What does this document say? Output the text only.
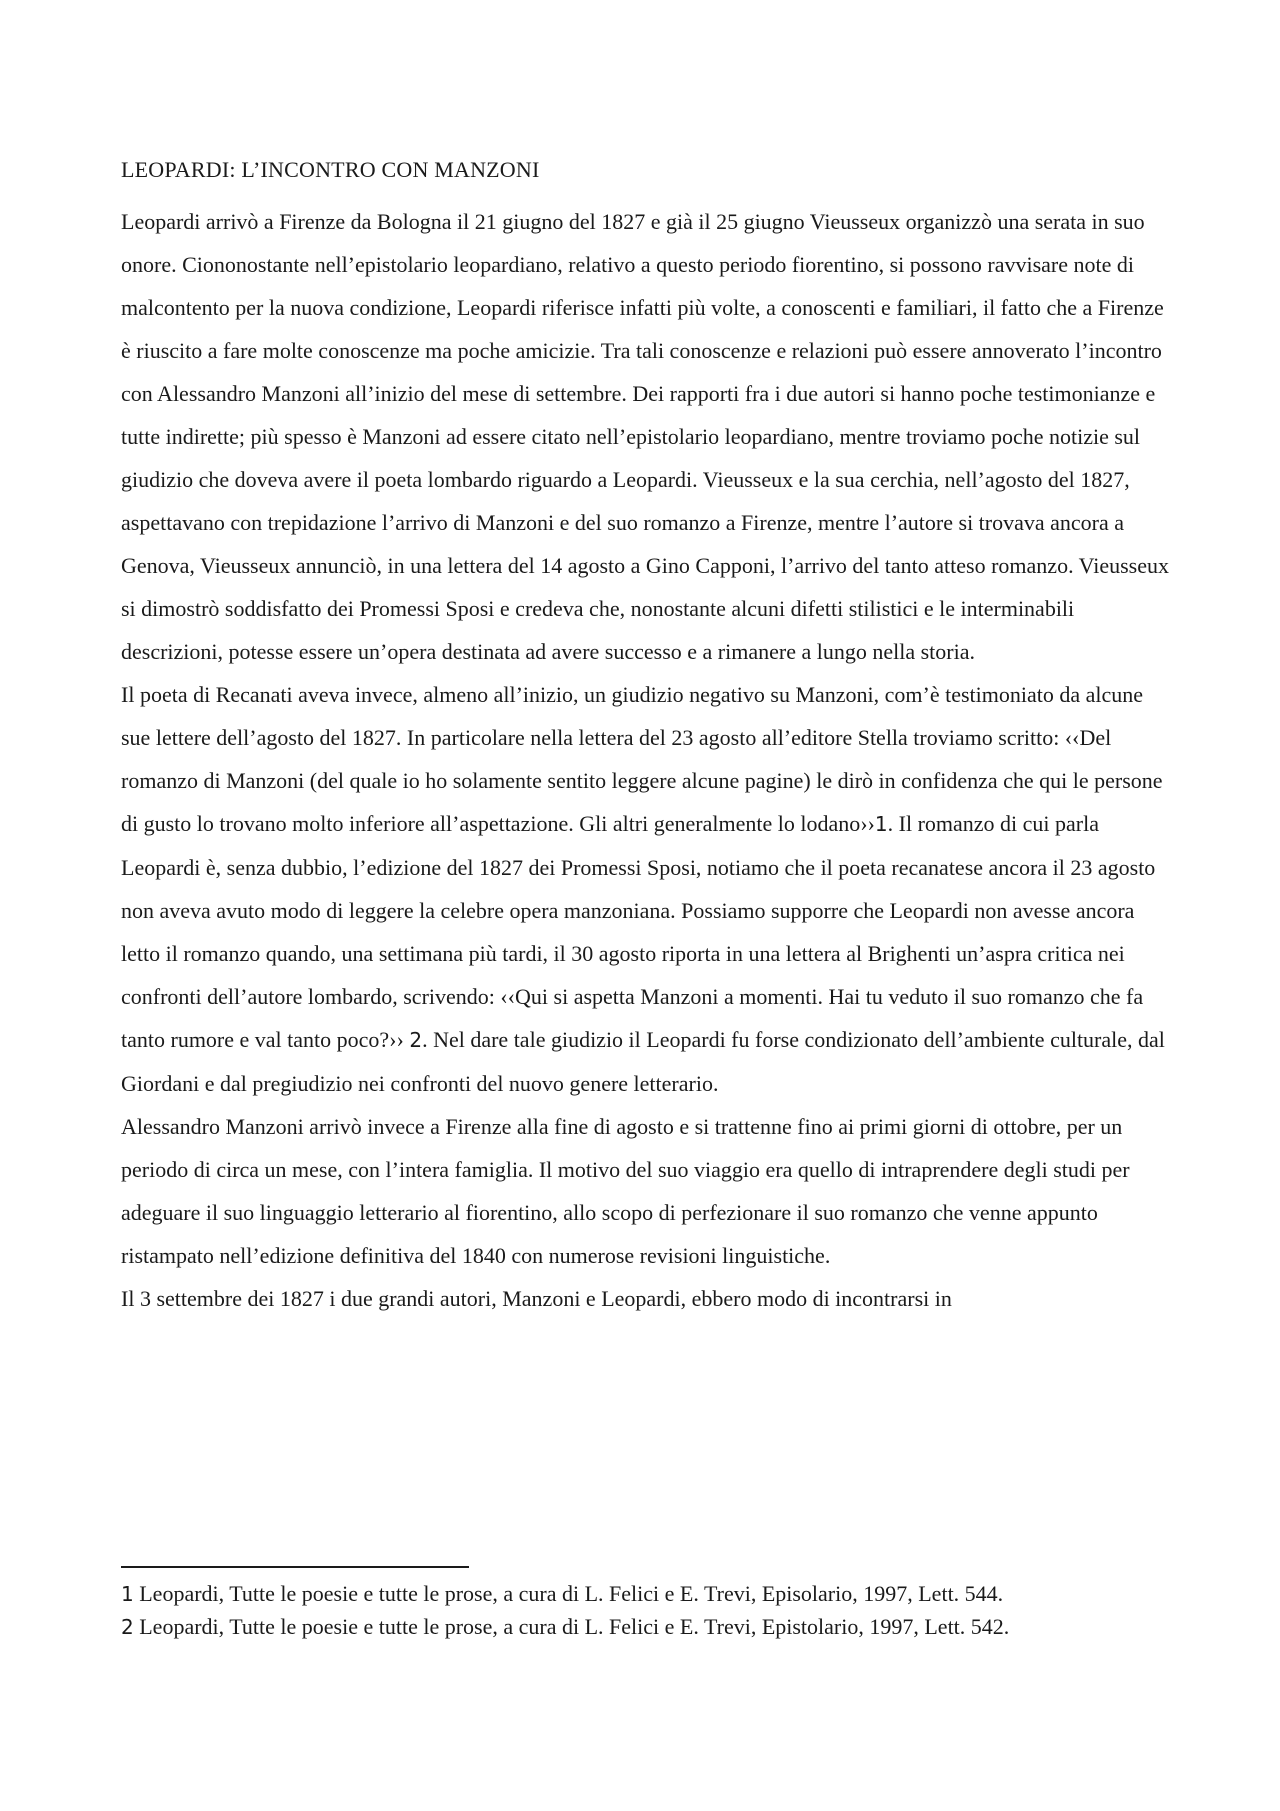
LEOPARDI: L’INCONTRO CON MANZONI

Leopardi arrivò a Firenze da Bologna il 21 giugno del 1827 e già il 25 giugno Vieusseux organizzò una serata in suo onore. Ciononostante nell’epistolario leopardiano, relativo a questo periodo fiorentino, si possono ravvisare note di malcontento per la nuova condizione, Leopardi riferisce infatti più volte, a conoscenti e familiari, il fatto che a Firenze è riuscito a fare molte conoscenze ma poche amicizie. Tra tali conoscenze e relazioni può essere annoverato l’incontro con Alessandro Manzoni all’inizio del mese di settembre. Dei rapporti fra i due autori si hanno poche testimonianze e tutte indirette; più spesso è Manzoni ad essere citato nell’epistolario leopardiano, mentre troviamo poche notizie sul giudizio che doveva avere il poeta lombardo riguardo a Leopardi. Vieusseux e la sua cerchia, nell’agosto del 1827, aspettavano con trepidazione l’arrivo di Manzoni e del suo romanzo a Firenze, mentre l’autore si trovava ancora a Genova, Vieusseux annunciò, in una lettera del 14 agosto a Gino Capponi, l’arrivo del tanto atteso romanzo. Vieusseux si dimostrò soddisfatto dei Promessi Sposi e credeva che, nonostante alcuni difetti stilistici e le interminabili descrizioni, potesse essere un’opera destinata ad avere successo e a rimanere a lungo nella storia.

Il poeta di Recanati aveva invece, almeno all’inizio, un giudizio negativo su Manzoni, com’è testimoniato da alcune sue lettere dell’agosto del 1827. In particolare nella lettera del 23 agosto all’editore Stella troviamo scritto: ‹‹Del romanzo di Manzoni (del quale io ho solamente sentito leggere alcune pagine) le dirò in confidenza che qui le persone di gusto lo trovano molto inferiore all’aspettazione. Gli altri generalmente lo lodano››1. Il romanzo di cui parla Leopardi è, senza dubbio, l’edizione del 1827 dei Promessi Sposi, notiamo che il poeta recanatese ancora il 23 agosto non aveva avuto modo di leggere la celebre opera manzoniana. Possiamo supporre che Leopardi non avesse ancora letto il romanzo quando, una settimana più tardi, il 30 agosto riporta in una lettera al Brighenti un’aspra critica nei confronti dell’autore lombardo, scrivendo: ‹‹Qui si aspetta Manzoni a momenti. Hai tu veduto il suo romanzo che fa tanto rumore e val tanto poco?›› 2. Nel dare tale giudizio il Leopardi fu forse condizionato dell’ambiente culturale, dal Giordani e dal pregiudizio nei confronti del nuovo genere letterario.

Alessandro Manzoni arrivò invece a Firenze alla fine di agosto e si trattenne fino ai primi giorni di ottobre, per un periodo di circa un mese, con l’intera famiglia. Il motivo del suo viaggio era quello di intraprendere degli studi per adeguare il suo linguaggio letterario al fiorentino, allo scopo di perfezionare il suo romanzo che venne appunto ristampato nell’edizione definitiva del 1840 con numerose revisioni linguistiche.

Il 3 settembre dei 1827 i due grandi autori, Manzoni e Leopardi, ebbero modo di incontrarsi in

1 Leopardi, Tutte le poesie e tutte le prose, a cura di L. Felici e E. Trevi, Episolario, 1997, Lett. 544.

2 Leopardi, Tutte le poesie e tutte le prose, a cura di L. Felici e E. Trevi, Epistolario, 1997, Lett. 542.
